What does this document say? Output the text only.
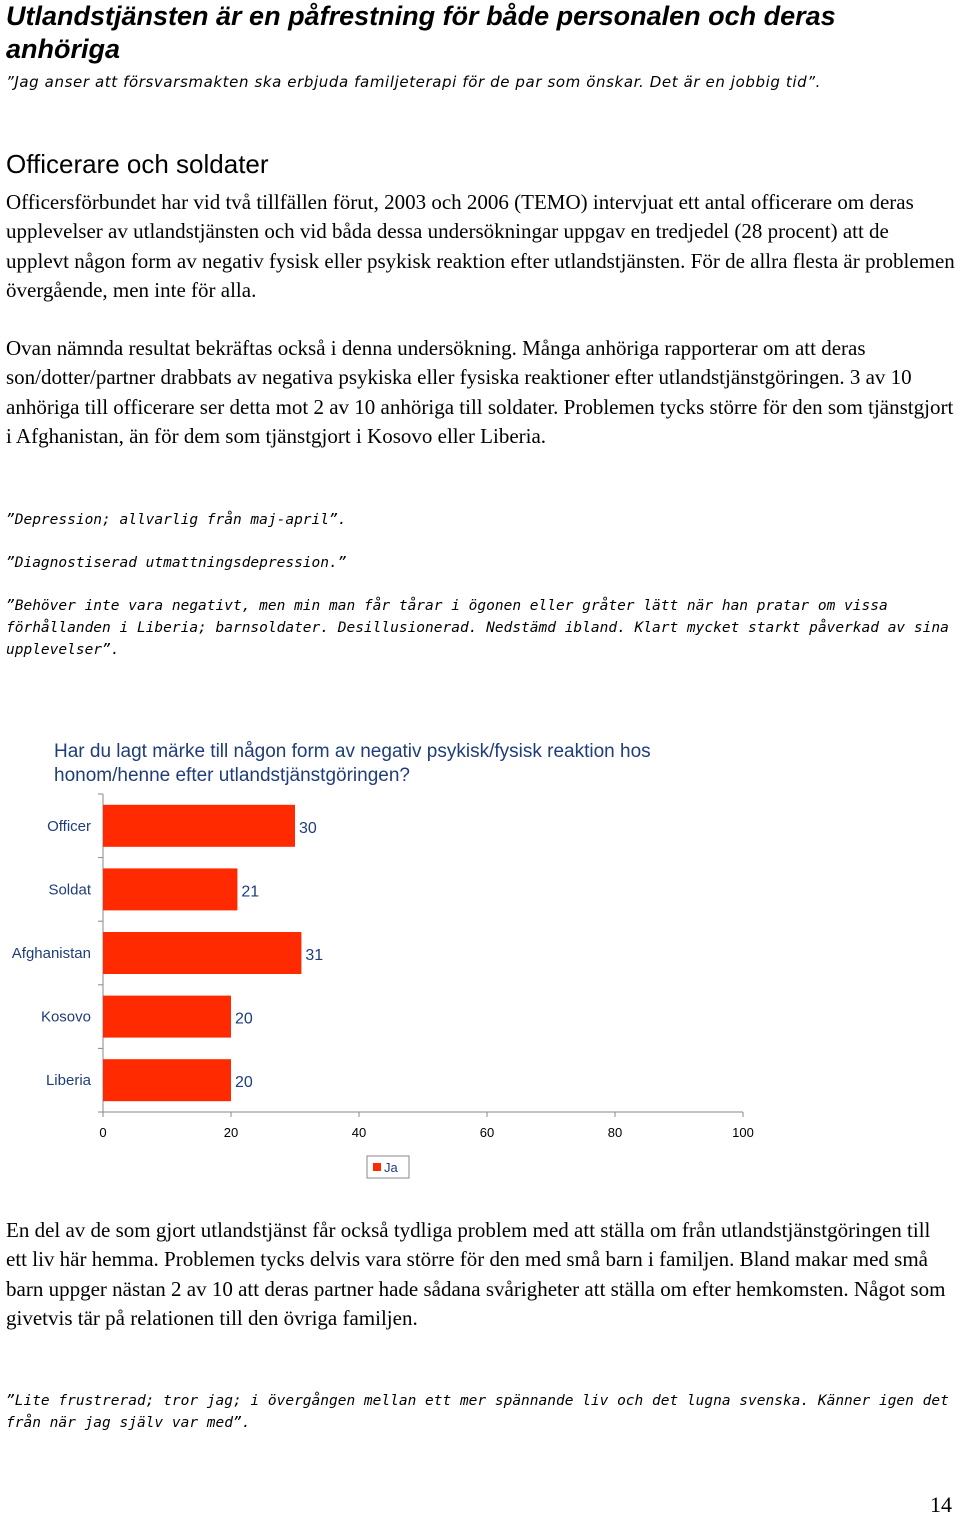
Utlandstjänsten är en påfrestning för både personalen och deras anhöriga
”Jag anser att försvarsmakten ska erbjuda familjeterapi för de par som önskar. Det är en jobbig tid”.
Officerare och soldater
Officersförbundet har vid två tillfällen förut, 2003 och 2006 (TEMO) intervjuat ett antal officerare om deras upplevelser av utlandstjänsten och vid båda dessa undersökningar uppgav en tredjedel (28 procent) att de upplevt någon form av negativ fysisk eller psykisk reaktion efter utlandstjänsten. För de allra flesta är problemen övergående, men inte för alla.
Ovan nämnda resultat bekräftas också i denna undersökning. Många anhöriga rapporterar om att deras son/dotter/partner drabbats av negativa psykiska eller fysiska reaktioner efter utlandstjänstgöringen. 3 av 10 anhöriga till officerare ser detta mot 2 av 10 anhöriga till soldater. Problemen tycks större för den som tjänstgjort i Afghanistan, än för dem som tjänstgjort i Kosovo eller Liberia.
”Depression; allvarlig från maj-april”.
”Diagnostiserad utmattningsdepression.”
”Behöver inte vara negativt, men min man får tårar i ögonen eller gråter lätt när han pratar om vissa förhållanden i Liberia; barnsoldater. Desillusionerad. Nedstämd ibland. Klart mycket starkt påverkad av sina upplevelser”.
Har du lagt märke till någon form av negativ psykisk/fysisk reaktion hos honom/henne efter utlandstjänstgöringen?
0	20	40	60	80	100
Officer	30
Soldat	21
Afghanistan	31
Kosovo	20
Liberia	20
Ja
En del av de som gjort utlandstjänst får också tydliga problem med att ställa om från utlandstjänstgöringen till ett liv här hemma. Problemen tycks delvis vara större för den med små barn i familjen. Bland makar med små barn uppger nästan 2 av 10 att deras partner hade sådana svårigheter att ställa om efter hemkomsten. Något som givetvis tär på relationen till den övriga familjen.
”Lite frustrerad; tror jag; i övergången mellan ett mer spännande liv och det lugna svenska. Känner igen det från när jag själv var med”.
14
